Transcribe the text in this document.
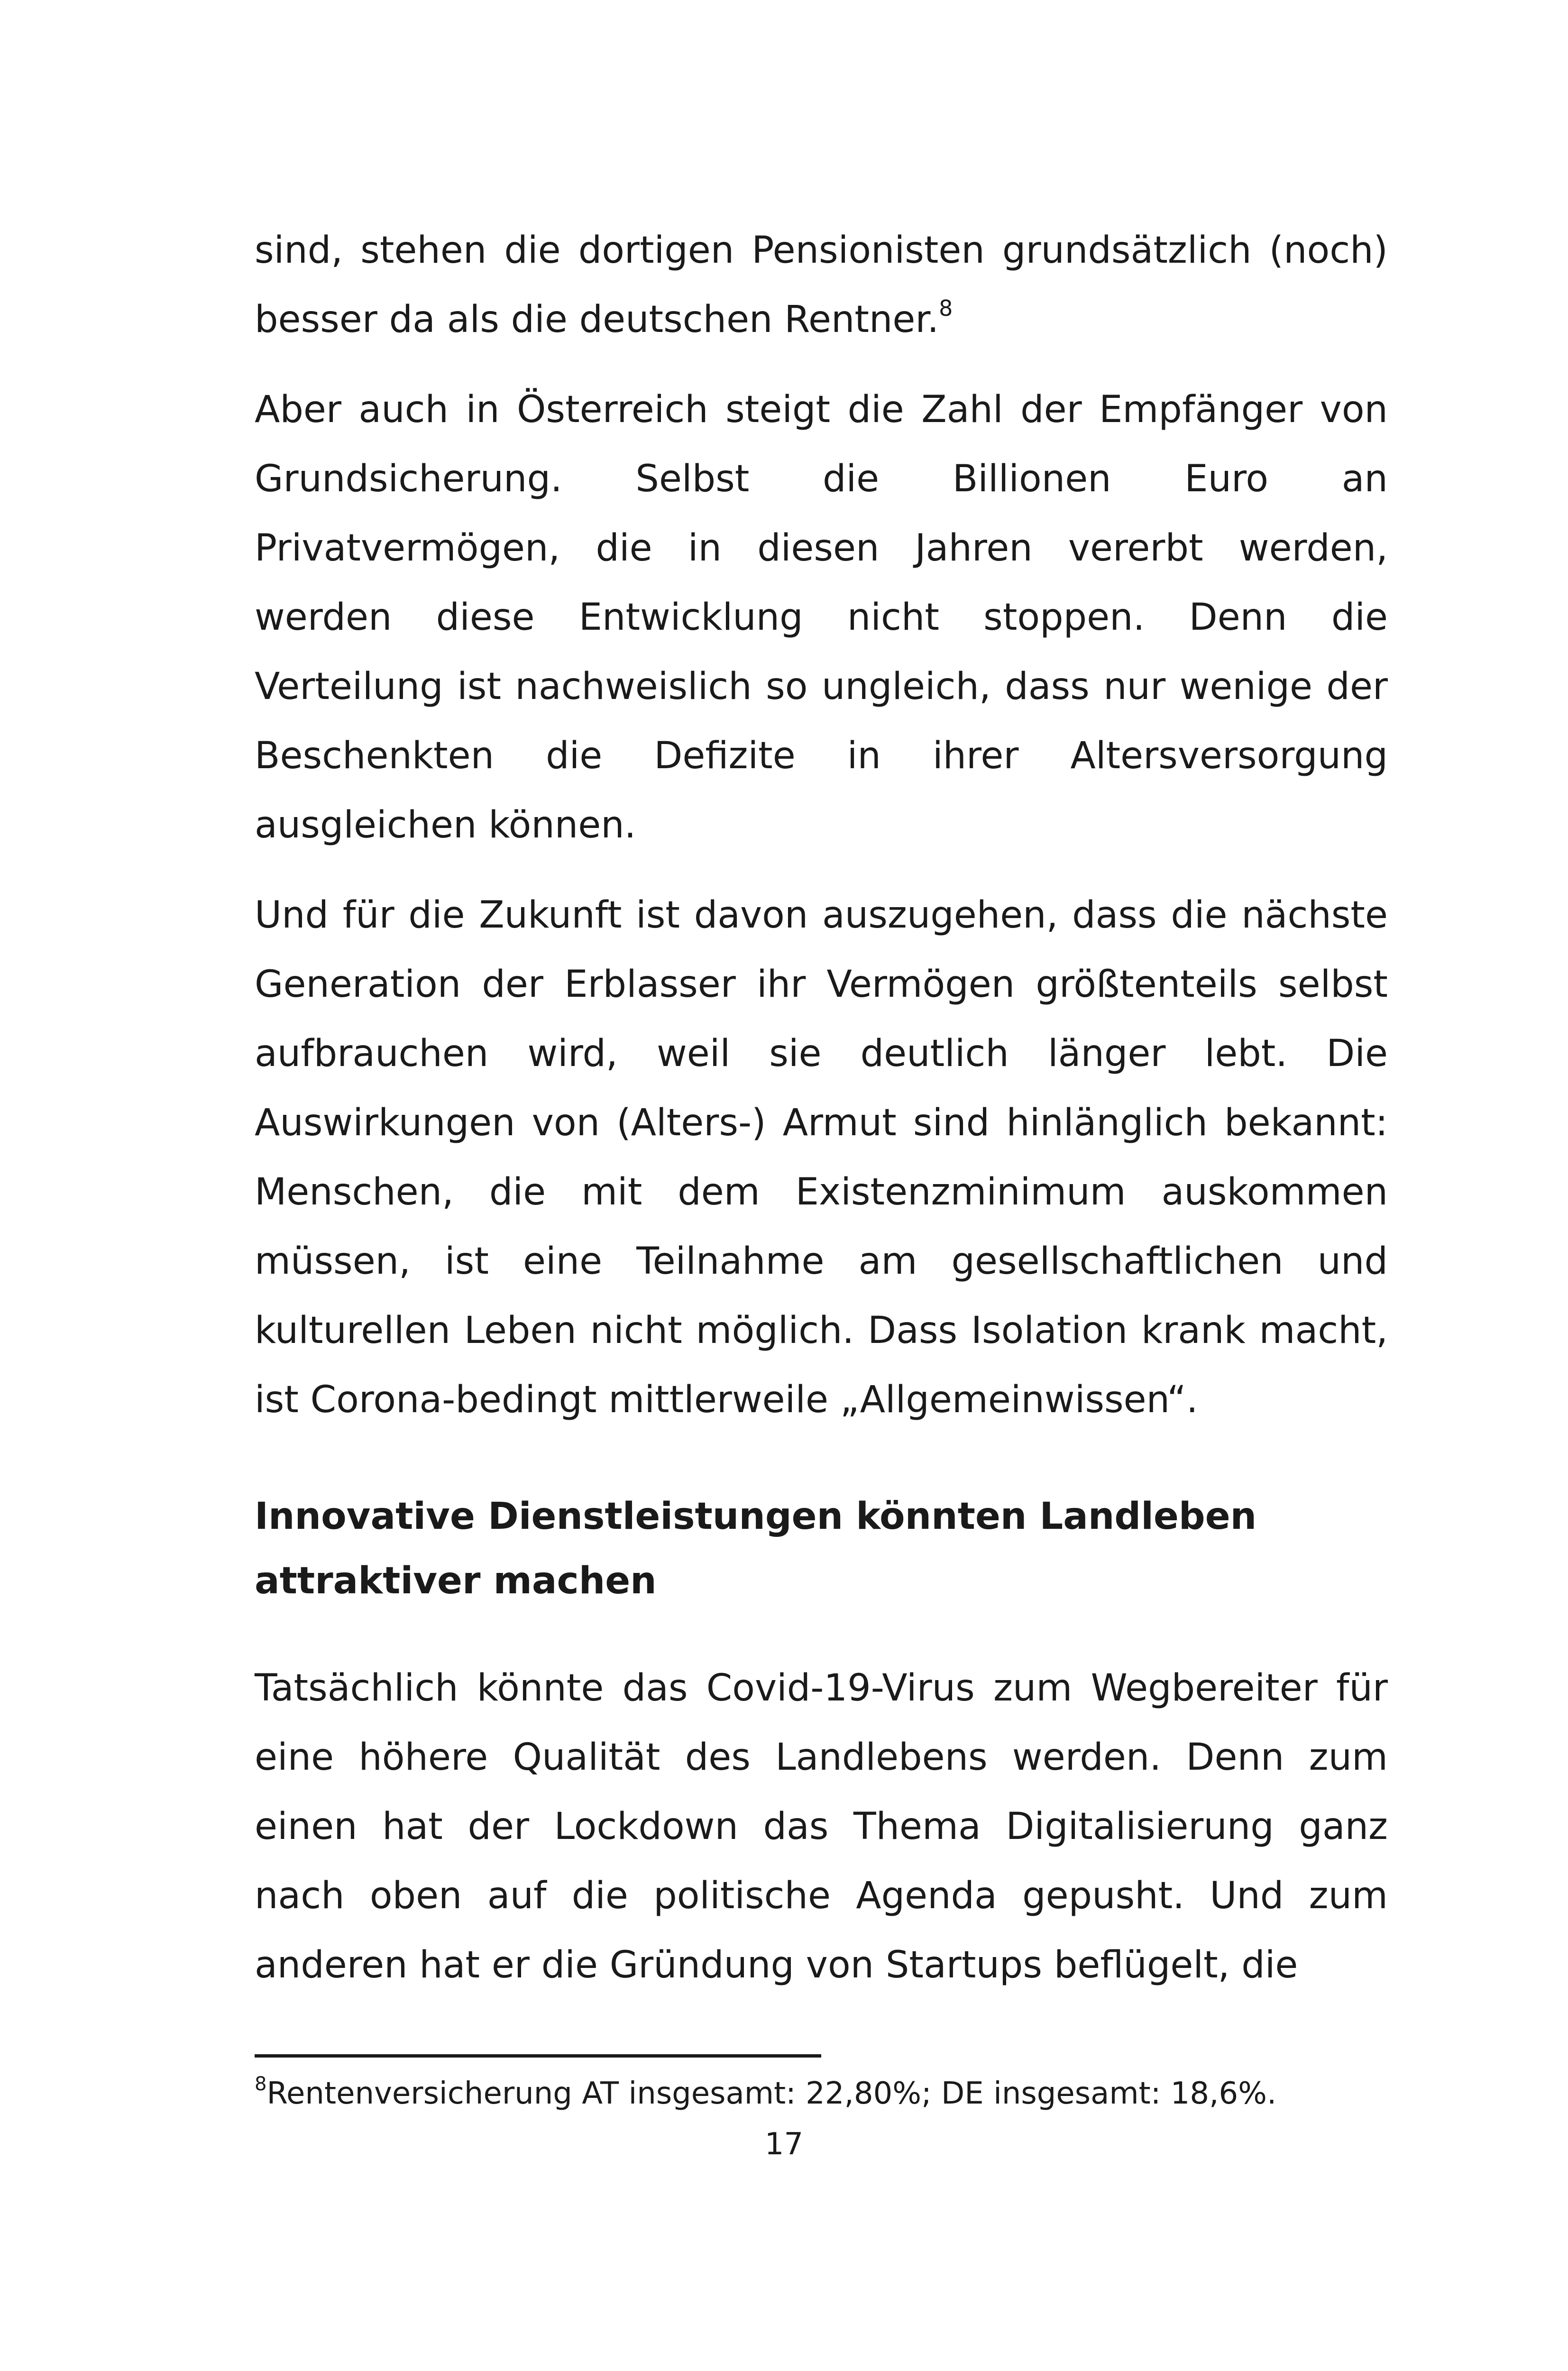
sind, stehen die dortigen Pensionisten grundsätzlich (noch) besser da als die deutschen Rentner.$^8$

Aber auch in Österreich steigt die Zahl der Empfänger von Grundsicherung. Selbst die Billionen Euro an Privatvermögen, die in diesen Jahren vererbt werden, werden diese Entwicklung nicht stoppen. Denn die Verteilung ist nachweislich so ungleich, dass nur wenige der Beschenkten die Defizite in ihrer Altersversorgung ausgleichen können.

Und für die Zukunft ist davon auszugehen, dass die nächste Generation der Erblasser ihr Vermögen größtenteils selbst aufbrauchen wird, weil sie deutlich länger lebt. Die Auswirkungen von (Alters-) Armut sind hinlänglich bekannt: Menschen, die mit dem Existenzminimum auskommen müssen, ist eine Teilnahme am gesellschaftlichen und kulturellen Leben nicht möglich. Dass Isolation krank macht, ist Corona-bedingt mittlerweile „Allgemeinwissen“.

Innovative Dienstleistungen könnten Landleben
attraktiver machen

Tatsächlich könnte das Covid-19-Virus zum Wegbereiter für eine höhere Qualität des Landlebens werden. Denn zum einen hat der Lockdown das Thema Digitalisierung ganz nach oben auf die politische Agenda gepusht. Und zum anderen hat er die Gründung von Startups beflügelt, die

$^8$Rentenversicherung AT insgesamt: 22,80%; DE insgesamt: 18,6%.

17
